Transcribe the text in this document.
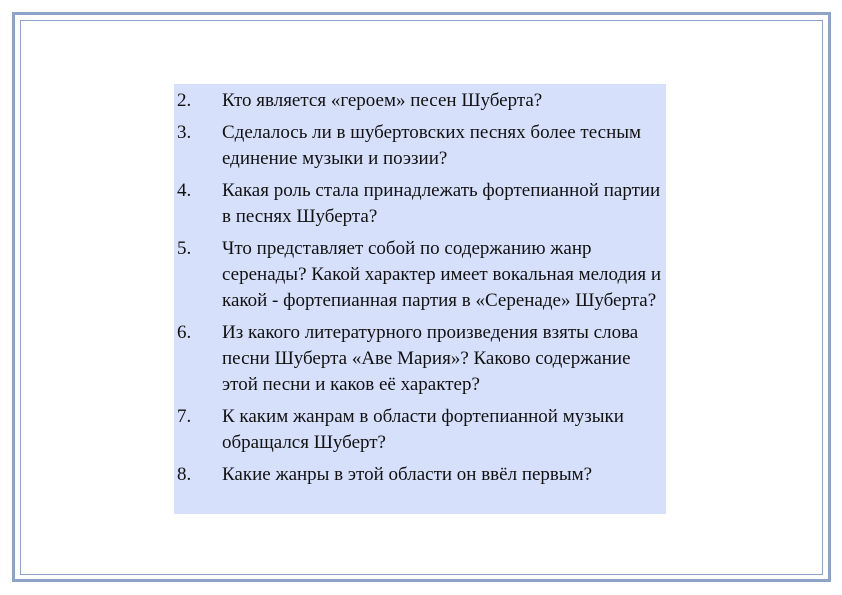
2.	Кто является «героем» песен Шуберта?
3.	Сделалось ли в шубертовских песнях более тесным единение музыки и поэзии?
4.	Какая роль стала принадлежать фортепианной партии в песнях Шуберта?
5.	Что представляет собой по содержанию жанр серенады? Какой характер имеет вокальная мелодия и какой - фортепианная партия в «Серенаде» Шуберта?
6.	Из какого литературного произведения взяты слова песни Шуберта «Аве Мария»? Каково содержание этой песни и каков её характер?
7.	К каким жанрам в области фортепианной музыки обращался Шуберт?
8.	Какие жанры в этой области он ввёл первым?
